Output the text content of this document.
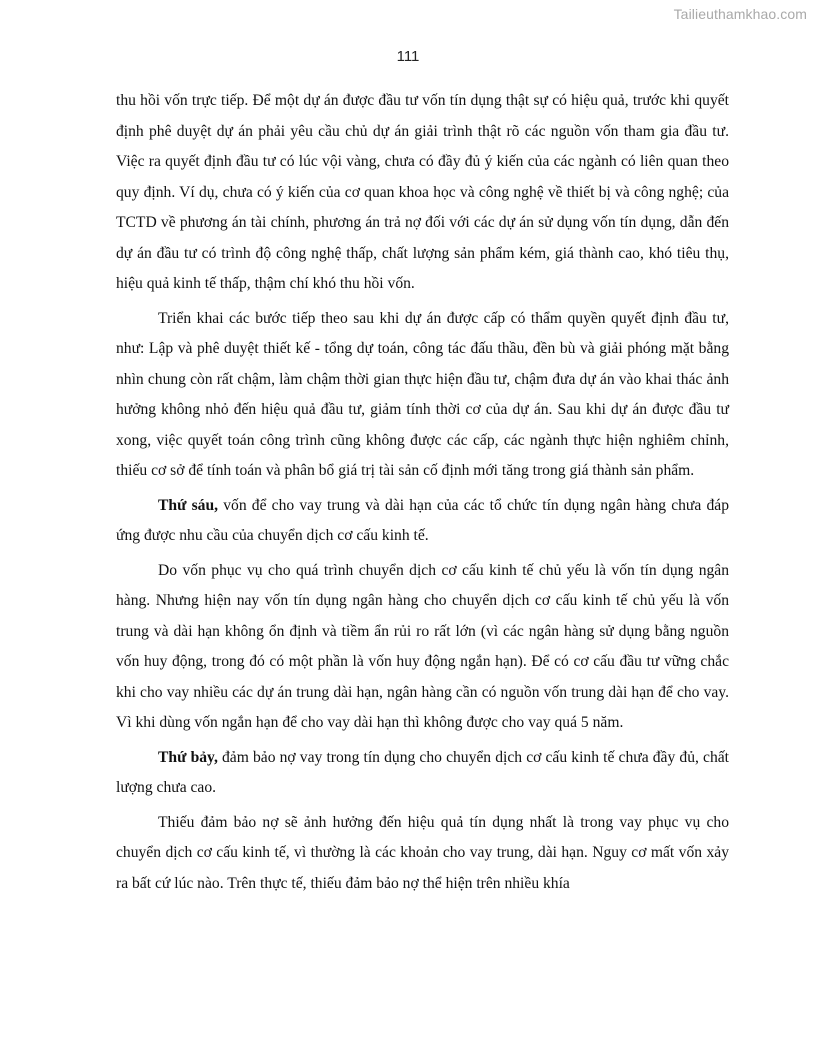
Tailieuthamkhao.com
111

thu hồi vốn trực tiếp. Để một dự án được đầu tư vốn tín dụng thật sự có hiệu quả, trước khi quyết định phê duyệt dự án phải yêu cầu chủ dự án giải trình thật rõ các nguồn vốn tham gia đầu tư. Việc ra quyết định đầu tư có lúc vội vàng, chưa có đầy đủ ý kiến của các ngành có liên quan theo quy định. Ví dụ, chưa có ý kiến của cơ quan khoa học và công nghệ về thiết bị và công nghệ; của TCTD về phương án tài chính, phương án trả nợ đối với các dự án sử dụng vốn tín dụng, dẫn đến dự án đầu tư có trình độ công nghệ thấp, chất lượng sản phẩm kém, giá thành cao, khó tiêu thụ, hiệu quả kinh tế thấp, thậm chí khó thu hồi vốn.

Triển khai các bước tiếp theo sau khi dự án được cấp có thẩm quyền quyết định đầu tư, như: Lập và phê duyệt thiết kế - tổng dự toán, công tác đấu thầu, đền bù và giải phóng mặt bằng nhìn chung còn rất chậm, làm chậm thời gian thực hiện đầu tư, chậm đưa dự án vào khai thác ảnh hưởng không nhỏ đến hiệu quả đầu tư, giảm tính thời cơ của dự án. Sau khi dự án được đầu tư xong, việc quyết toán công trình cũng không được các cấp, các ngành thực hiện nghiêm chỉnh, thiếu cơ sở để tính toán và phân bổ giá trị tài sản cố định mới tăng trong giá thành sản phẩm.

Thứ sáu, vốn để cho vay trung và dài hạn của các tổ chức tín dụng ngân hàng chưa đáp ứng được nhu cầu của chuyển dịch cơ cấu kinh tế.

Do vốn phục vụ cho quá trình chuyển dịch cơ cấu kinh tế chủ yếu là vốn tín dụng ngân hàng. Nhưng hiện nay vốn tín dụng ngân hàng cho chuyển dịch cơ cấu kinh tế chủ yếu là vốn trung và dài hạn không ổn định và tiềm ẩn rủi ro rất lớn (vì các ngân hàng sử dụng bằng nguồn vốn huy động, trong đó có một phần là vốn huy động ngắn hạn). Để có cơ cấu đầu tư vững chắc khi cho vay nhiều các dự án trung dài hạn, ngân hàng cần có nguồn vốn trung dài hạn để cho vay. Vì khi dùng vốn ngắn hạn để cho vay dài hạn thì không được cho vay quá 5 năm.

Thứ bảy, đảm bảo nợ vay trong tín dụng cho chuyển dịch cơ cấu kinh tế chưa đầy đủ, chất lượng chưa cao.

Thiếu đảm bảo nợ sẽ ảnh hưởng đến hiệu quả tín dụng nhất là trong vay phục vụ cho chuyển dịch cơ cấu kinh tế, vì thường là các khoản cho vay trung, dài hạn. Nguy cơ mất vốn xảy ra bất cứ lúc nào. Trên thực tế, thiếu đảm bảo nợ thể hiện trên nhiều khía
